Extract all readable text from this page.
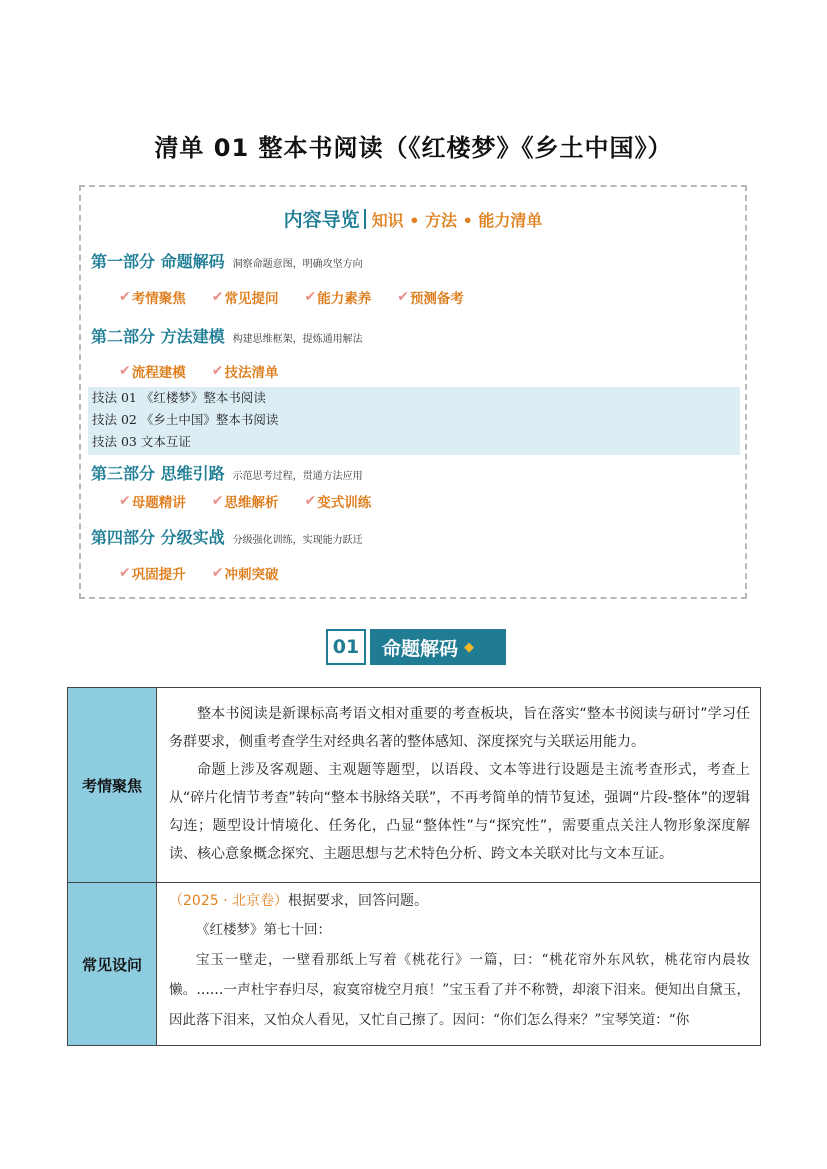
清单 01 整本书阅读（《红楼梦》《乡土中国》）
内容导览 知识 • 方法 • 能力清单
第一部分 命题解码 洞察命题意图，明确攻坚方向
✔ 考情聚焦 ✔ 常见提问 ✔ 能力素养 ✔ 预测备考
第二部分 方法建模 构建思维框架，提炼通用解法
✔ 流程建模 ✔ 技法清单
技法 01 《红楼梦》整本书阅读
技法 02 《乡土中国》整本书阅读
技法 03 文本互证
第三部分 思维引路 示范思考过程，贯通方法应用
✔ 母题精讲 ✔ 思维解析 ✔ 变式训练
第四部分 分级实战 分级强化训练，实现能力跃迁
✔ 巩固提升 ✔ 冲刺突破
01	命题解码 ◆
考情聚焦	整本书阅读是新课标高考语文相对重要的考查板块，旨在落实“整本书阅读与研讨”学习任务群要求，侧重考查学生对经典名著的整体感知、深度探究与关联运用能力。

命题上涉及客观题、主观题等题型，以语段、文本等进行设题是主流考查形式，考查上从“碎片化情节考查”转向“整本书脉络关联”，不再考简单的情节复述，强调“片段-整体”的逻辑勾连；题型设计情境化、任务化，凸显“整体性”与“探究性”，需要重点关注人物形象深度解读、核心意象概念探究、主题思想与艺术特色分析、跨文本关联对比与文本互证。

常见设问	（2025 · 北京卷）根据要求，回答问题。

《红楼梦》第七十回：

宝玉一壁走，一壁看那纸上写着《桃花行》一篇，曰：“桃花帘外东风软，桃花帘内晨妆懒。……一声杜宇春归尽，寂寞帘栊空月痕！”宝玉看了并不称赞，却滚下泪来。便知出自黛玉，因此落下泪来，又怕众人看见，又忙自己擦了。因问：“你们怎么得来？”宝琴笑道：“你
